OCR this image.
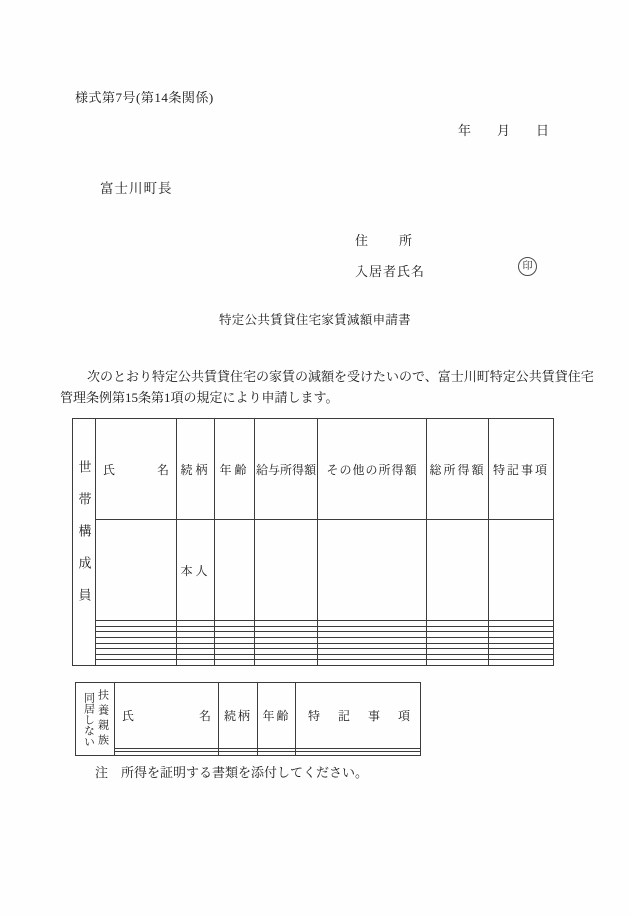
様式第7号(第14条関係)
年 月 日
富士川町長
住 所
入居者氏名	印
特定公共賃貸住宅家賃減額申請書
次のとおり特定公共賃貸住宅の家賃の減額を受けたいので、富士川町特定公共賃貸住宅
管理条例第15条第1項の規定により申請します。
世帯構成員	氏 名	続柄	年齢	給与所得額	その他の所得額	総所得額	特記事項
		本人					

同居しない 扶養親族	氏 名	続柄	年齢	特 記 事 項

注　所得を証明する書類を添付してください。
